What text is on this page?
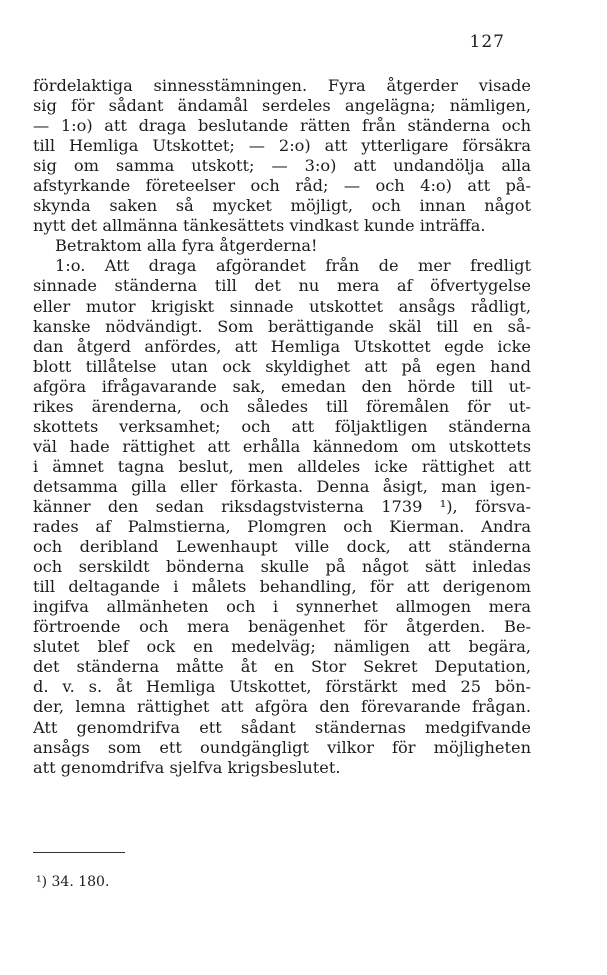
127
fördelaktiga sinnesstämningen. Fyra åtgerder visade
sig för sådant ändamål serdeles angelägna; nämligen,
— 1:o) att draga beslutande rätten från ständerna och
till Hemliga Utskottet; — 2:o) att ytterligare försäkra
sig om samma utskott; — 3:o) att undandölja alla
afstyrkande företeelser och råd; — och 4:o) att på-
skynda saken så mycket möjligt, och innan något
nytt det allmänna tänkesättets vindkast kunde inträffa.
Betraktom alla fyra åtgerderna!
1:o. Att draga afgörandet från de mer fredligt
sinnade ständerna till det nu mera af öfvertygelse
eller mutor krigiskt sinnade utskottet ansågs rådligt,
kanske nödvändigt. Som berättigande skäl till en så-
dan åtgerd anfördes, att Hemliga Utskottet egde icke
blott tillåtelse utan ock skyldighet att på egen hand
afgöra ifrågavarande sak, emedan den hörde till ut-
rikes ärenderna, och således till föremålen för ut-
skottets verksamhet; och att följaktligen ständerna
väl hade rättighet att erhålla kännedom om utskottets
i ämnet tagna beslut, men alldeles icke rättighet att
detsamma gilla eller förkasta. Denna åsigt, man igen-
känner den sedan riksdagstvisterna 1739 ¹), försva-
rades af Palmstierna, Plomgren och Kierman. Andra
och deribland Lewenhaupt ville dock, att ständerna
och serskildt bönderna skulle på något sätt inledas
till deltagande i målets behandling, för att derigenom
ingifva allmänheten och i synnerhet allmogen mera
förtroende och mera benägenhet för åtgerden. Be-
slutet blef ock en medelväg; nämligen att begära,
det ständerna måtte åt en Stor Sekret Deputation,
d. v. s. åt Hemliga Utskottet, förstärkt med 25 bön-
der, lemna rättighet att afgöra den förevarande frågan.
Att genomdrifva ett sådant ständernas medgifvande
ansågs som ett oundgängligt vilkor för möjligheten
att genomdrifva sjelfva krigsbeslutet.
¹) 34. 180.
